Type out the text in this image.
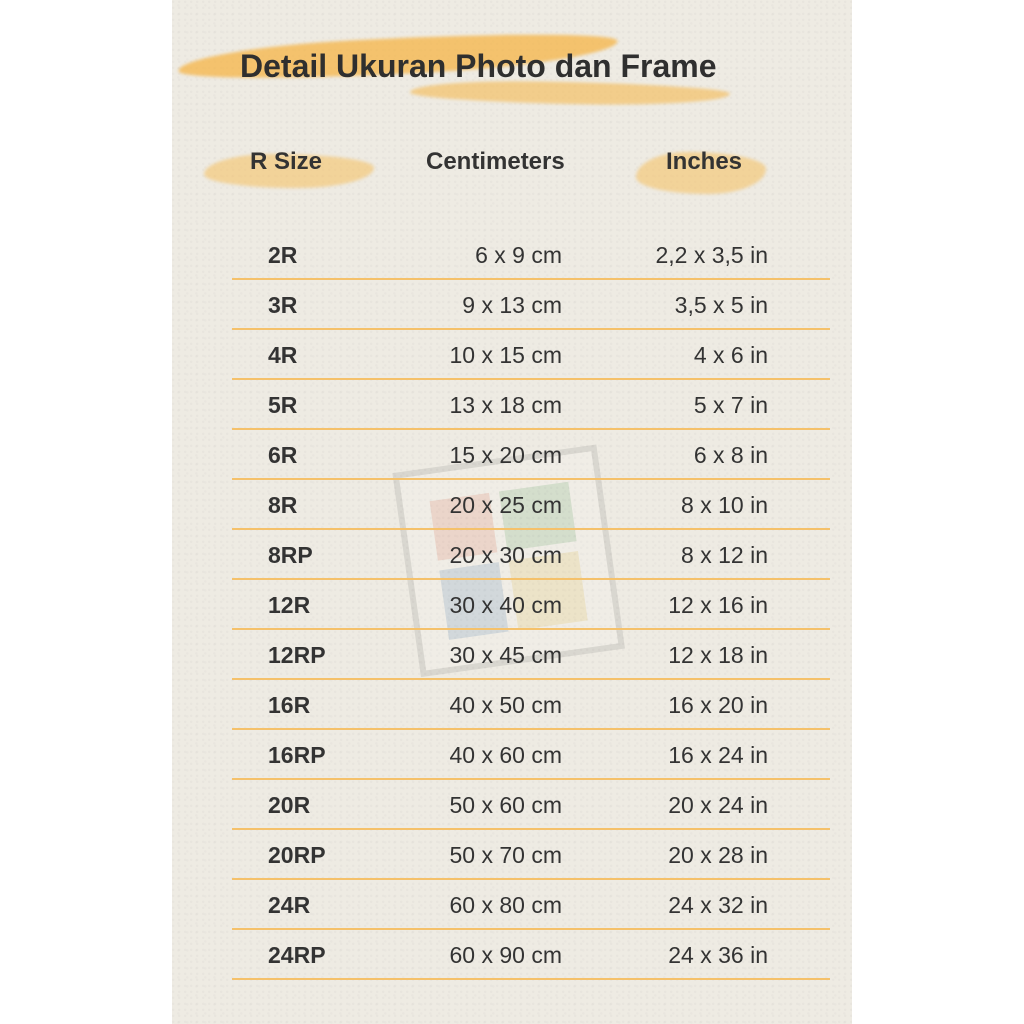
Detail Ukuran Photo dan Frame
R Size	Centimeters	Inches
2R	6 x 9 cm	2,2 x 3,5 in
3R	9 x 13 cm	3,5 x 5 in
4R	10 x 15 cm	4 x 6 in
5R	13 x 18 cm	5 x 7 in
6R	15 x 20 cm	6 x 8 in
8R	20 x 25 cm	8 x 10 in
8RP	20 x 30 cm	8 x 12 in
12R	30 x 40 cm	12 x 16 in
12RP	30 x 45 cm	12 x 18 in
16R	40 x 50 cm	16 x 20 in
16RP	40 x 60 cm	16 x 24 in
20R	50 x 60 cm	20 x 24 in
20RP	50 x 70 cm	20 x 28 in
24R	60 x 80 cm	24 x 32 in
24RP	60 x 90 cm	24 x 36 in
